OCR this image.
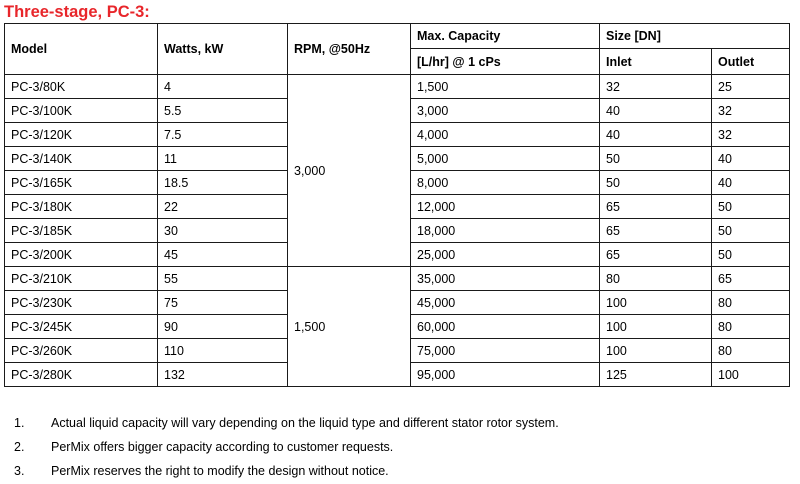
Three-stage, PC-3:
Model	Watts, kW	RPM, @50Hz	Max. Capacity	Size [DN]	
			[L/hr] @ 1 cPs	Inlet	Outlet
PC-3/80K	4	3,000	1,500	32	25
PC-3/100K	5.5		3,000	40	32
PC-3/120K	7.5		4,000	40	32
PC-3/140K	11		5,000	50	40
PC-3/165K	18.5		8,000	50	40
PC-3/180K	22		12,000	65	50
PC-3/185K	30		18,000	65	50
PC-3/200K	45		25,000	65	50
PC-3/210K	55	1,500	35,000	80	65
PC-3/230K	75		45,000	100	80
PC-3/245K	90		60,000	100	80
PC-3/260K	110		75,000	100	80
PC-3/280K	132		95,000	125	100
1.	Actual liquid capacity will vary depending on the liquid type and different stator rotor system.
2.	PerMix offers bigger capacity according to customer requests.
3.	PerMix reserves the right to modify the design without notice.
